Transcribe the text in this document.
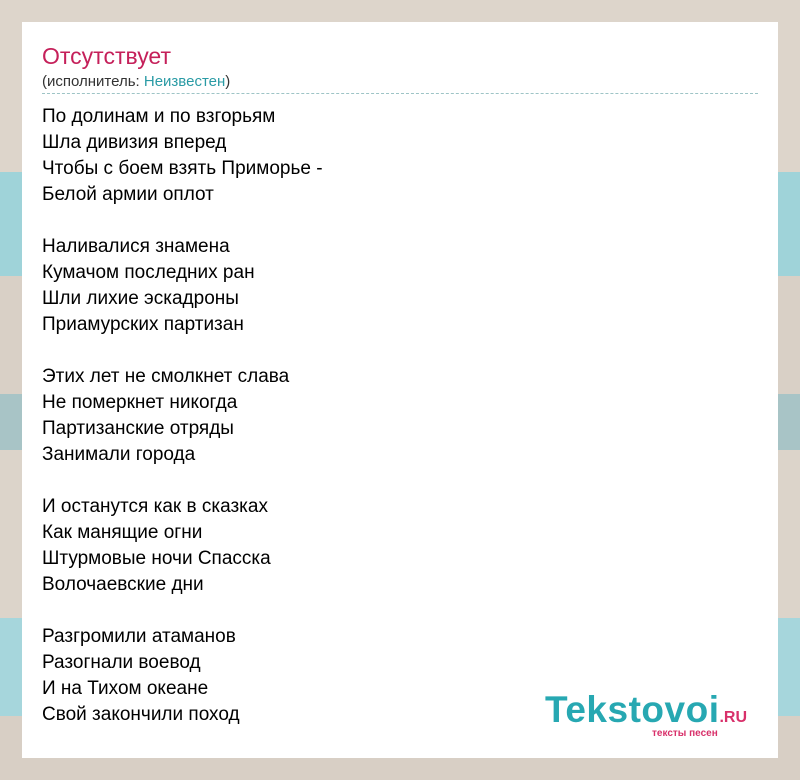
Отсутствует
(исполнитель: Неизвестен)
По долинам и по взгорьям
Шла дивизия вперед
Чтобы с боем взять Приморье -
Белой армии оплот
Наливалися знамена
Кумачом последних ран
Шли лихие эскадроны
Приамурских партизан
Этих лет не смолкнет слава
Не померкнет никогда
Партизанские отряды
Занимали города
И останутся как в сказках
Как манящие огни
Штурмовые ночи Спасска
Волочаевские дни
Разгромили атаманов
Разогнали воевод
И на Тихом океане
Свой закончили поход	Tekstovoi.RU
тексты песен
